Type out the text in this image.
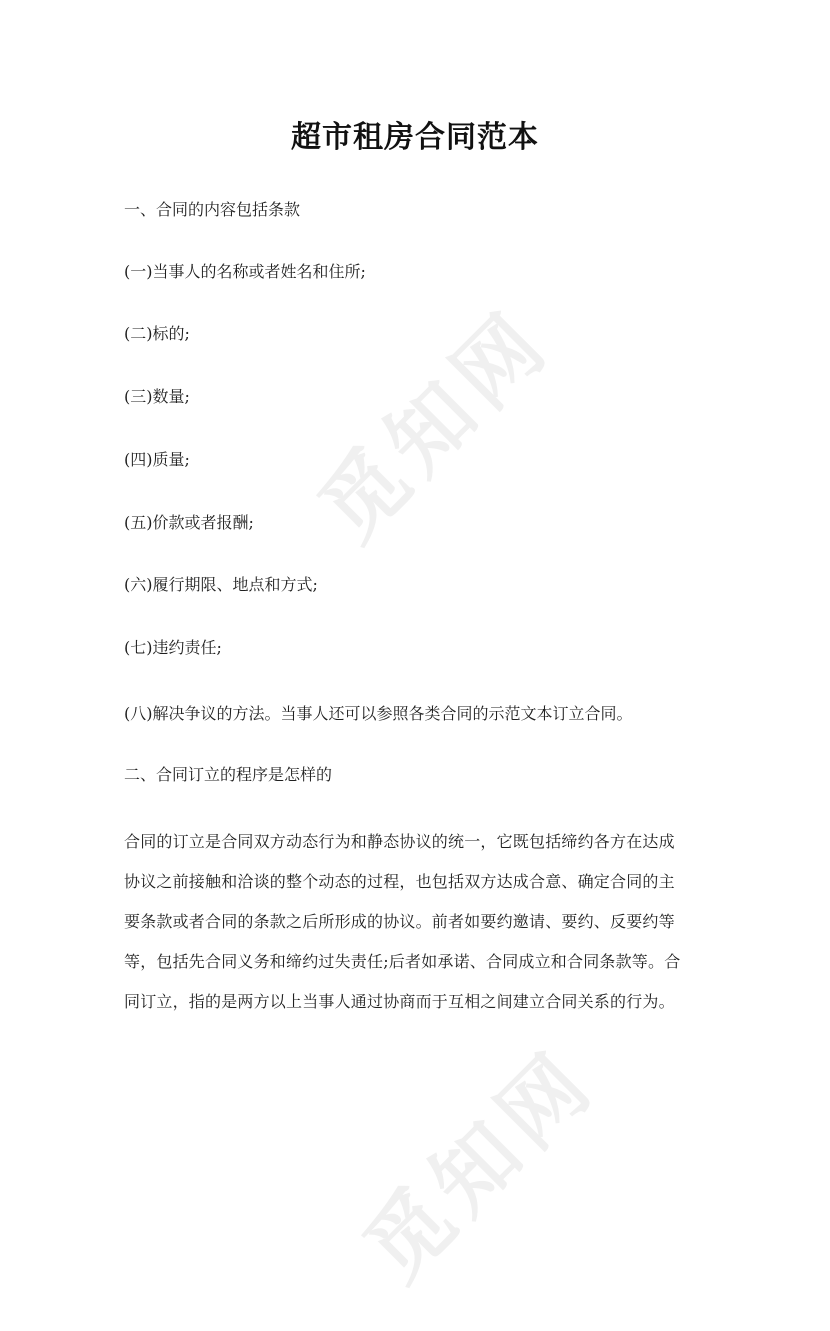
觅知网
觅知网
超市租房合同范本
一、合同的内容包括条款
(一)当事人的名称或者姓名和住所;
(二)标的;
(三)数量;
(四)质量;
(五)价款或者报酬;
(六)履行期限、地点和方式;
(七)违约责任;
(八)解决争议的方法。当事人还可以参照各类合同的示范文本订立合同。
二、合同订立的程序是怎样的
合同的订立是合同双方动态行为和静态协议的统一，它既包括缔约各方在达成
协议之前接触和洽谈的整个动态的过程，也包括双方达成合意、确定合同的主
要条款或者合同的条款之后所形成的协议。前者如要约邀请、要约、反要约等
等，包括先合同义务和缔约过失责任;后者如承诺、合同成立和合同条款等。合
同订立，指的是两方以上当事人通过协商而于互相之间建立合同关系的行为。
